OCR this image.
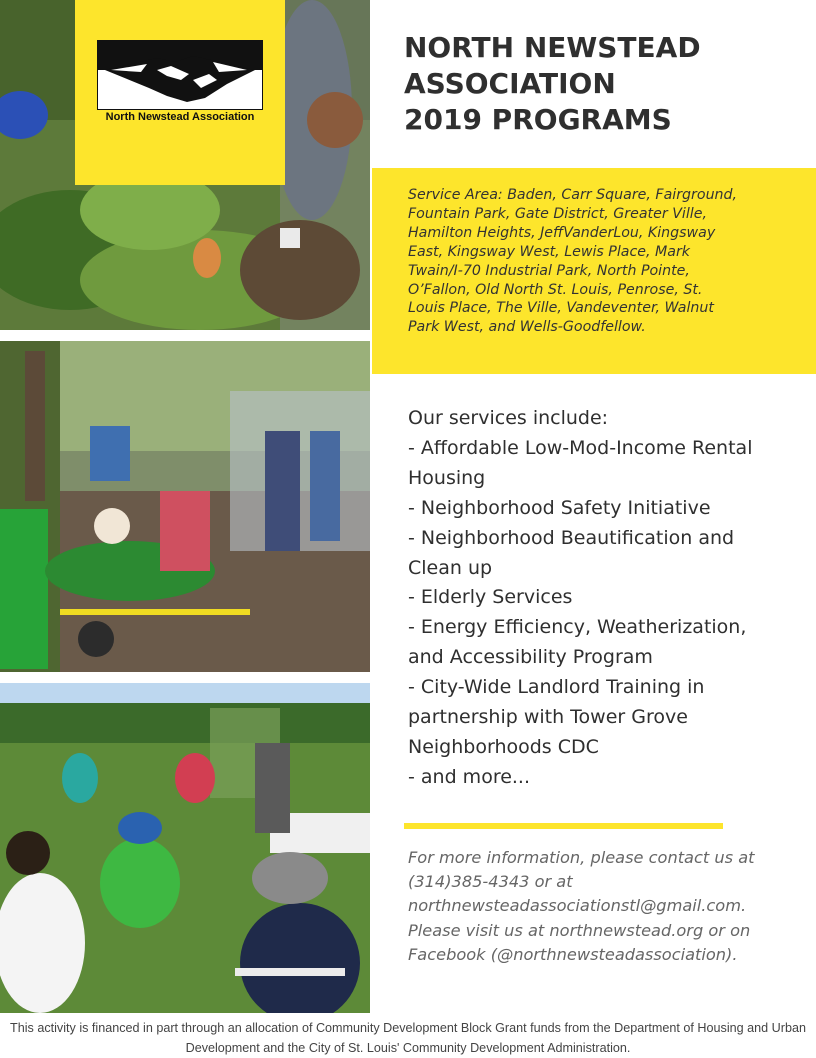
North Newstead Association
NORTH NEWSTEAD
ASSOCIATION
2019 PROGRAMS
Service Area: Baden, Carr Square, Fairground, Fountain Park, Gate District, Greater Ville, Hamilton Heights, JeffVanderLou, Kingsway East, Kingsway West, Lewis Place, Mark Twain/I-70 Industrial Park, North Pointe, O’Fallon, Old North St. Louis, Penrose, St. Louis Place, The Ville, Vandeventer, Walnut Park West, and Wells-Goodfellow.
Our services include:
- Affordable Low-Mod-Income Rental Housing
- Neighborhood Safety Initiative
- Neighborhood Beautification and Clean up
- Elderly Services
- Energy Efficiency, Weatherization, and Accessibility Program
- City-Wide Landlord Training in partnership with Tower Grove Neighborhoods CDC
- and more...
For more information, please contact us at (314)385-4343 or at northnewsteadassociationstl@gmail.com. Please visit us at northnewstead.org or on Facebook (@northnewsteadassociation).
This activity is financed in part through an allocation of Community Development Block Grant funds from the Department of Housing and Urban Development and the City of St. Louis' Community Development Administration.
